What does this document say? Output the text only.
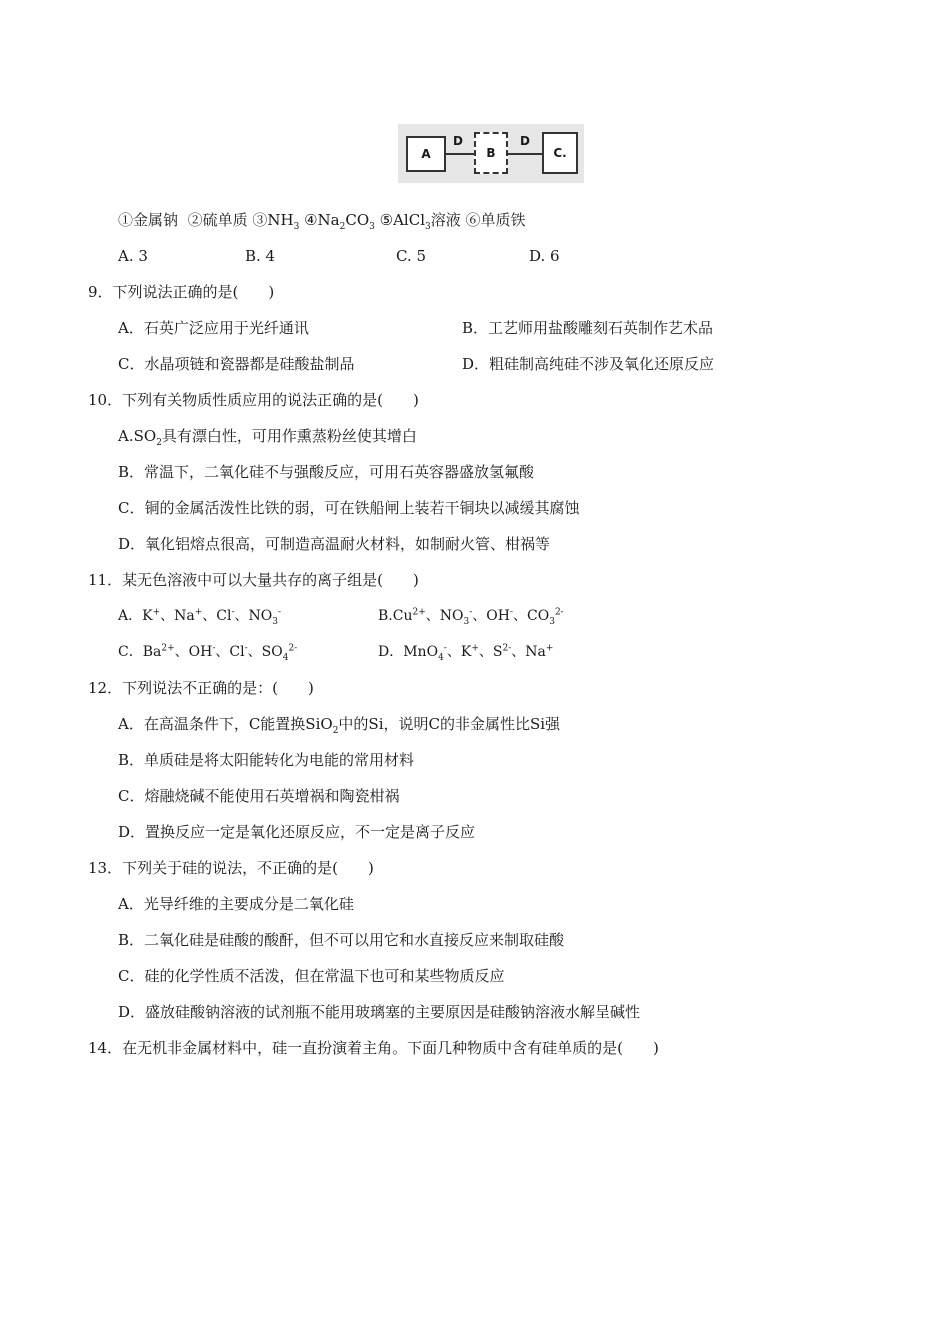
A
D
B
D
C.
①金属钠 ②硫单质 $③NH_3$ $④Na_2CO_3$ ⑤AlCl$_3$溶液 ⑥单质铁
A. 3	B. 4	C. 5	D. 6
9．下列说法正确的是(　　)
A．石英广泛应用于光纤通讯	B．工艺师用盐酸雕刻石英制作艺术品
C．水晶项链和瓷器都是硅酸盐制品	D．粗硅制高纯硅不涉及氧化还原反应
10．下列有关物质性质应用的说法正确的是(　　)
$A.SO_2$具有漂白性，可用作熏蒸粉丝使其增白
B．常温下，二氧化硅不与强酸反应，可用石英容器盛放氢氟酸
C．铜的金属活泼性比铁的弱，可在铁船闸上装若干铜块以减缓其腐蚀
D．氧化铝熔点很高，可制造高温耐火材料，如制耐火管、柑祸等
11．某无色溶液中可以大量共存的离子组是(　　)
A．K+、Na+、Cl-、$NO_3^-$	$B.Cu^{2+}$、$NO_3^-$、OH-、$CO_3^{2-}$
C．$Ba^{2+}$、OH-、Cl-、$SO_4^{2-}$	D．MnO$_4$-、K+、$S^{2-}$、Na+
12．下列说法不正确的是：(　　)
A．在高温条件下，C能置换SiO$_2$中的Si，说明C的非金属性比Si强
B．单质硅是将太阳能转化为电能的常用材料
C．熔融烧碱不能使用石英增祸和陶瓷柑祸
D．置换反应一定是氧化还原反应，不一定是离子反应
13．下列关于硅的说法，不正确的是(　　)
A．光导纤维的主要成分是二氧化硅
B．二氧化硅是硅酸的酸酐，但不可以用它和水直接反应来制取硅酸
C．硅的化学性质不活泼，但在常温下也可和某些物质反应
D．盛放硅酸钠溶液的试剂瓶不能用玻璃塞的主要原因是硅酸钠溶液水解呈碱性
14．在无机非金属材料中，硅一直扮演着主角。下面几种物质中含有硅单质的是(　　)
